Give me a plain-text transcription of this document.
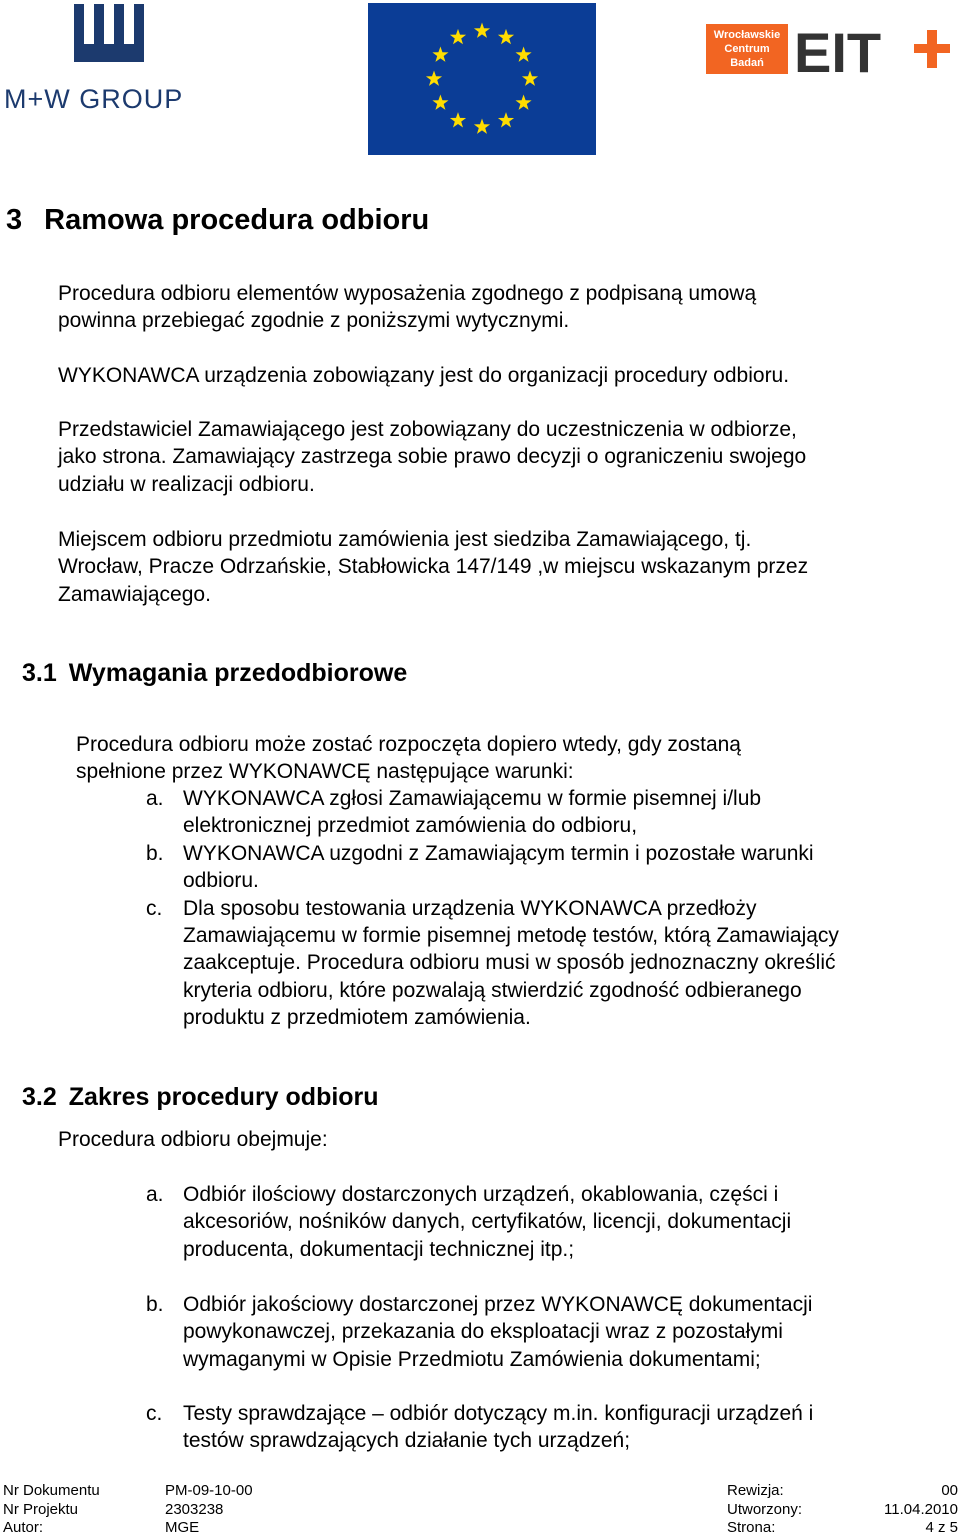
M+W GROUP
Wrocławskie
Centrum
Badań EIT
3 Ramowa procedura odbioru
Procedura odbioru elementów wyposażenia zgodnego z podpisaną umową
powinna przebiegać zgodnie z poniższymi wytycznymi.
WYKONAWCA urządzenia zobowiązany jest do organizacji procedury odbioru.
Przedstawiciel Zamawiającego jest zobowiązany do uczestniczenia w odbiorze,
jako strona. Zamawiający zastrzega sobie prawo decyzji o ograniczeniu swojego
udziału w realizacji odbioru.
Miejscem odbioru przedmiotu zamówienia jest siedziba Zamawiającego, tj.
Wrocław, Pracze Odrzańskie, Stabłowicka 147/149 ,w miejscu wskazanym przez
Zamawiającego.
3.1 Wymagania przedodbiorowe
Procedura odbioru może zostać rozpoczęta dopiero wtedy, gdy zostaną
spełnione przez WYKONAWCĘ następujące warunki:
a. WYKONAWCA zgłosi Zamawiającemu w formie pisemnej i/lub
elektronicznej przedmiot zamówienia do odbioru,
b. WYKONAWCA uzgodni z Zamawiającym termin i pozostałe warunki
odbioru.
c. Dla sposobu testowania urządzenia WYKONAWCA przedłoży
Zamawiającemu w formie pisemnej metodę testów, którą Zamawiający
zaakceptuje. Procedura odbioru musi w sposób jednoznaczny określić
kryteria odbioru, które pozwalają stwierdzić zgodność odbieranego
produktu z przedmiotem zamówienia.
3.2 Zakres procedury odbioru
Procedura odbioru obejmuje:
a. Odbiór ilościowy dostarczonych urządzeń, okablowania, części i
akcesoriów, nośników danych, certyfikatów, licencji, dokumentacji
producenta, dokumentacji technicznej itp.;
b. Odbiór jakościowy dostarczonej przez WYKONAWCĘ dokumentacji
powykonawczej, przekazania do eksploatacji wraz z pozostałymi
wymaganymi w Opisie Przedmiotu Zamówienia dokumentami;
c. Testy sprawdzające – odbiór dotyczący m.in. konfiguracji urządzeń i
testów sprawdzających działanie tych urządzeń;
Nr Dokumentu
Nr Projektu
Autor:
PM-09-10-00
2303238
MGE
Rewizja:
Utworzony:
Strona:
00
11.04.2010
4 z 5
